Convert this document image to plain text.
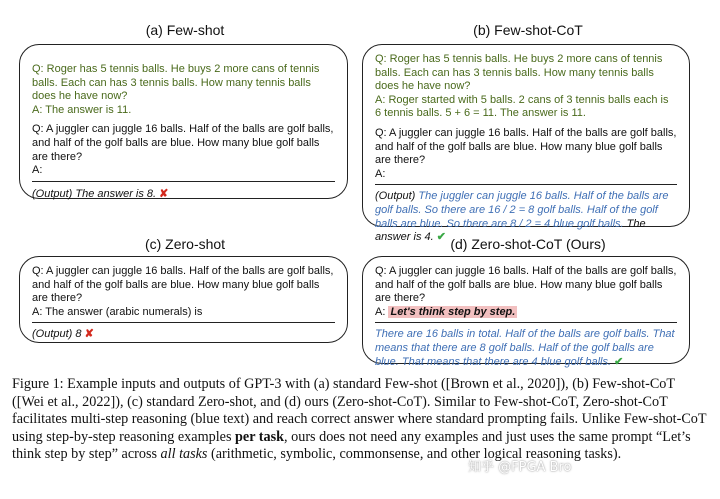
(a) Few-shot

Q: Roger has 5 tennis balls. He buys 2 more cans of tennis balls. Each can has 3 tennis balls. How many tennis balls does he have now?

A: The answer is 11.

Q: A juggler can juggle 16 balls. Half of the balls are golf balls, and half of the golf balls are blue. How many blue golf balls are there?

A:

(Output) The answer is 8. ✘

(b) Few-shot-CoT

Q: Roger has 5 tennis balls. He buys 2 more cans of tennis balls. Each can has 3 tennis balls. How many tennis balls does he have now?

A: Roger started with 5 balls. 2 cans of 3 tennis balls each is 6 tennis balls. 5 + 6 = 11. The answer is 11.

Q: A juggler can juggle 16 balls. Half of the balls are golf balls, and half of the golf balls are blue. How many blue golf balls are there?

A:

(Output) The juggler can juggle 16 balls. Half of the balls are golf balls. So there are 16 / 2 = 8 golf balls. Half of the golf balls are blue. So there are 8 / 2 = 4 blue golf balls. The answer is 4. ✔

(c) Zero-shot

Q: A juggler can juggle 16 balls. Half of the balls are golf balls, and half of the golf balls are blue. How many blue golf balls are there?

A: The answer (arabic numerals) is

(Output) 8 ✘

(d) Zero-shot-CoT (Ours)

Q: A juggler can juggle 16 balls. Half of the balls are golf balls, and half of the golf balls are blue. How many blue golf balls are there?

A: Let's think step by step.

There are 16 balls in total. Half of the balls are golf balls. That means that there are 8 golf balls. Half of the golf balls are blue. That means that there are 4 blue golf balls. ✔

Figure 1: Example inputs and outputs of GPT-3 with (a) standard Few-shot ([Brown et al., 2020]), (b) Few-shot-CoT ([Wei et al., 2022]), (c) standard Zero-shot, and (d) ours (Zero-shot-CoT). Similar to Few-shot-CoT, Zero-shot-CoT facilitates multi-step reasoning (blue text) and reach correct answer where standard prompting fails. Unlike Few-shot-CoT using step-by-step reasoning examples per task, ours does not need any examples and just uses the same prompt “Let’s think step by step” across all tasks (arithmetic, symbolic, commonsense, and other logical reasoning tasks).

知乎 @FPGA Bro
